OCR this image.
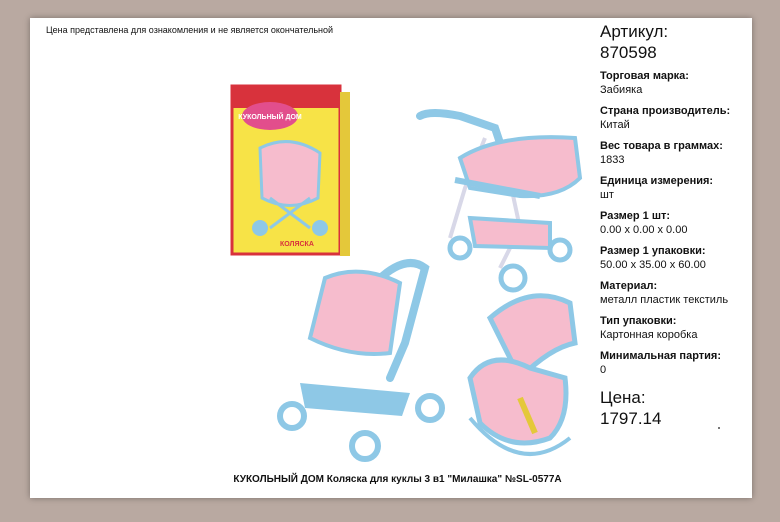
Цена представлена для ознакомления и не является окончательной
КУКОЛЬНЫЙ ДОМ
КОЛЯСКА
Артикул:
870598
Торговая марка:
Забияка
Страна производитель:
Китай
Вес товара в граммах:
1833
Единица измерения:
шт
Размер 1 шт:
0.00 x 0.00 x 0.00
Размер 1 упаковки:
50.00 x 35.00 x 60.00
Материал:
металл пластик текстиль
Тип упаковки:
Картонная коробка
Минимальная партия:
0
Цена:
1797.14
КУКОЛЬНЫЙ ДОМ Коляска для куклы 3 в1 "Милашка" №SL-0577A
